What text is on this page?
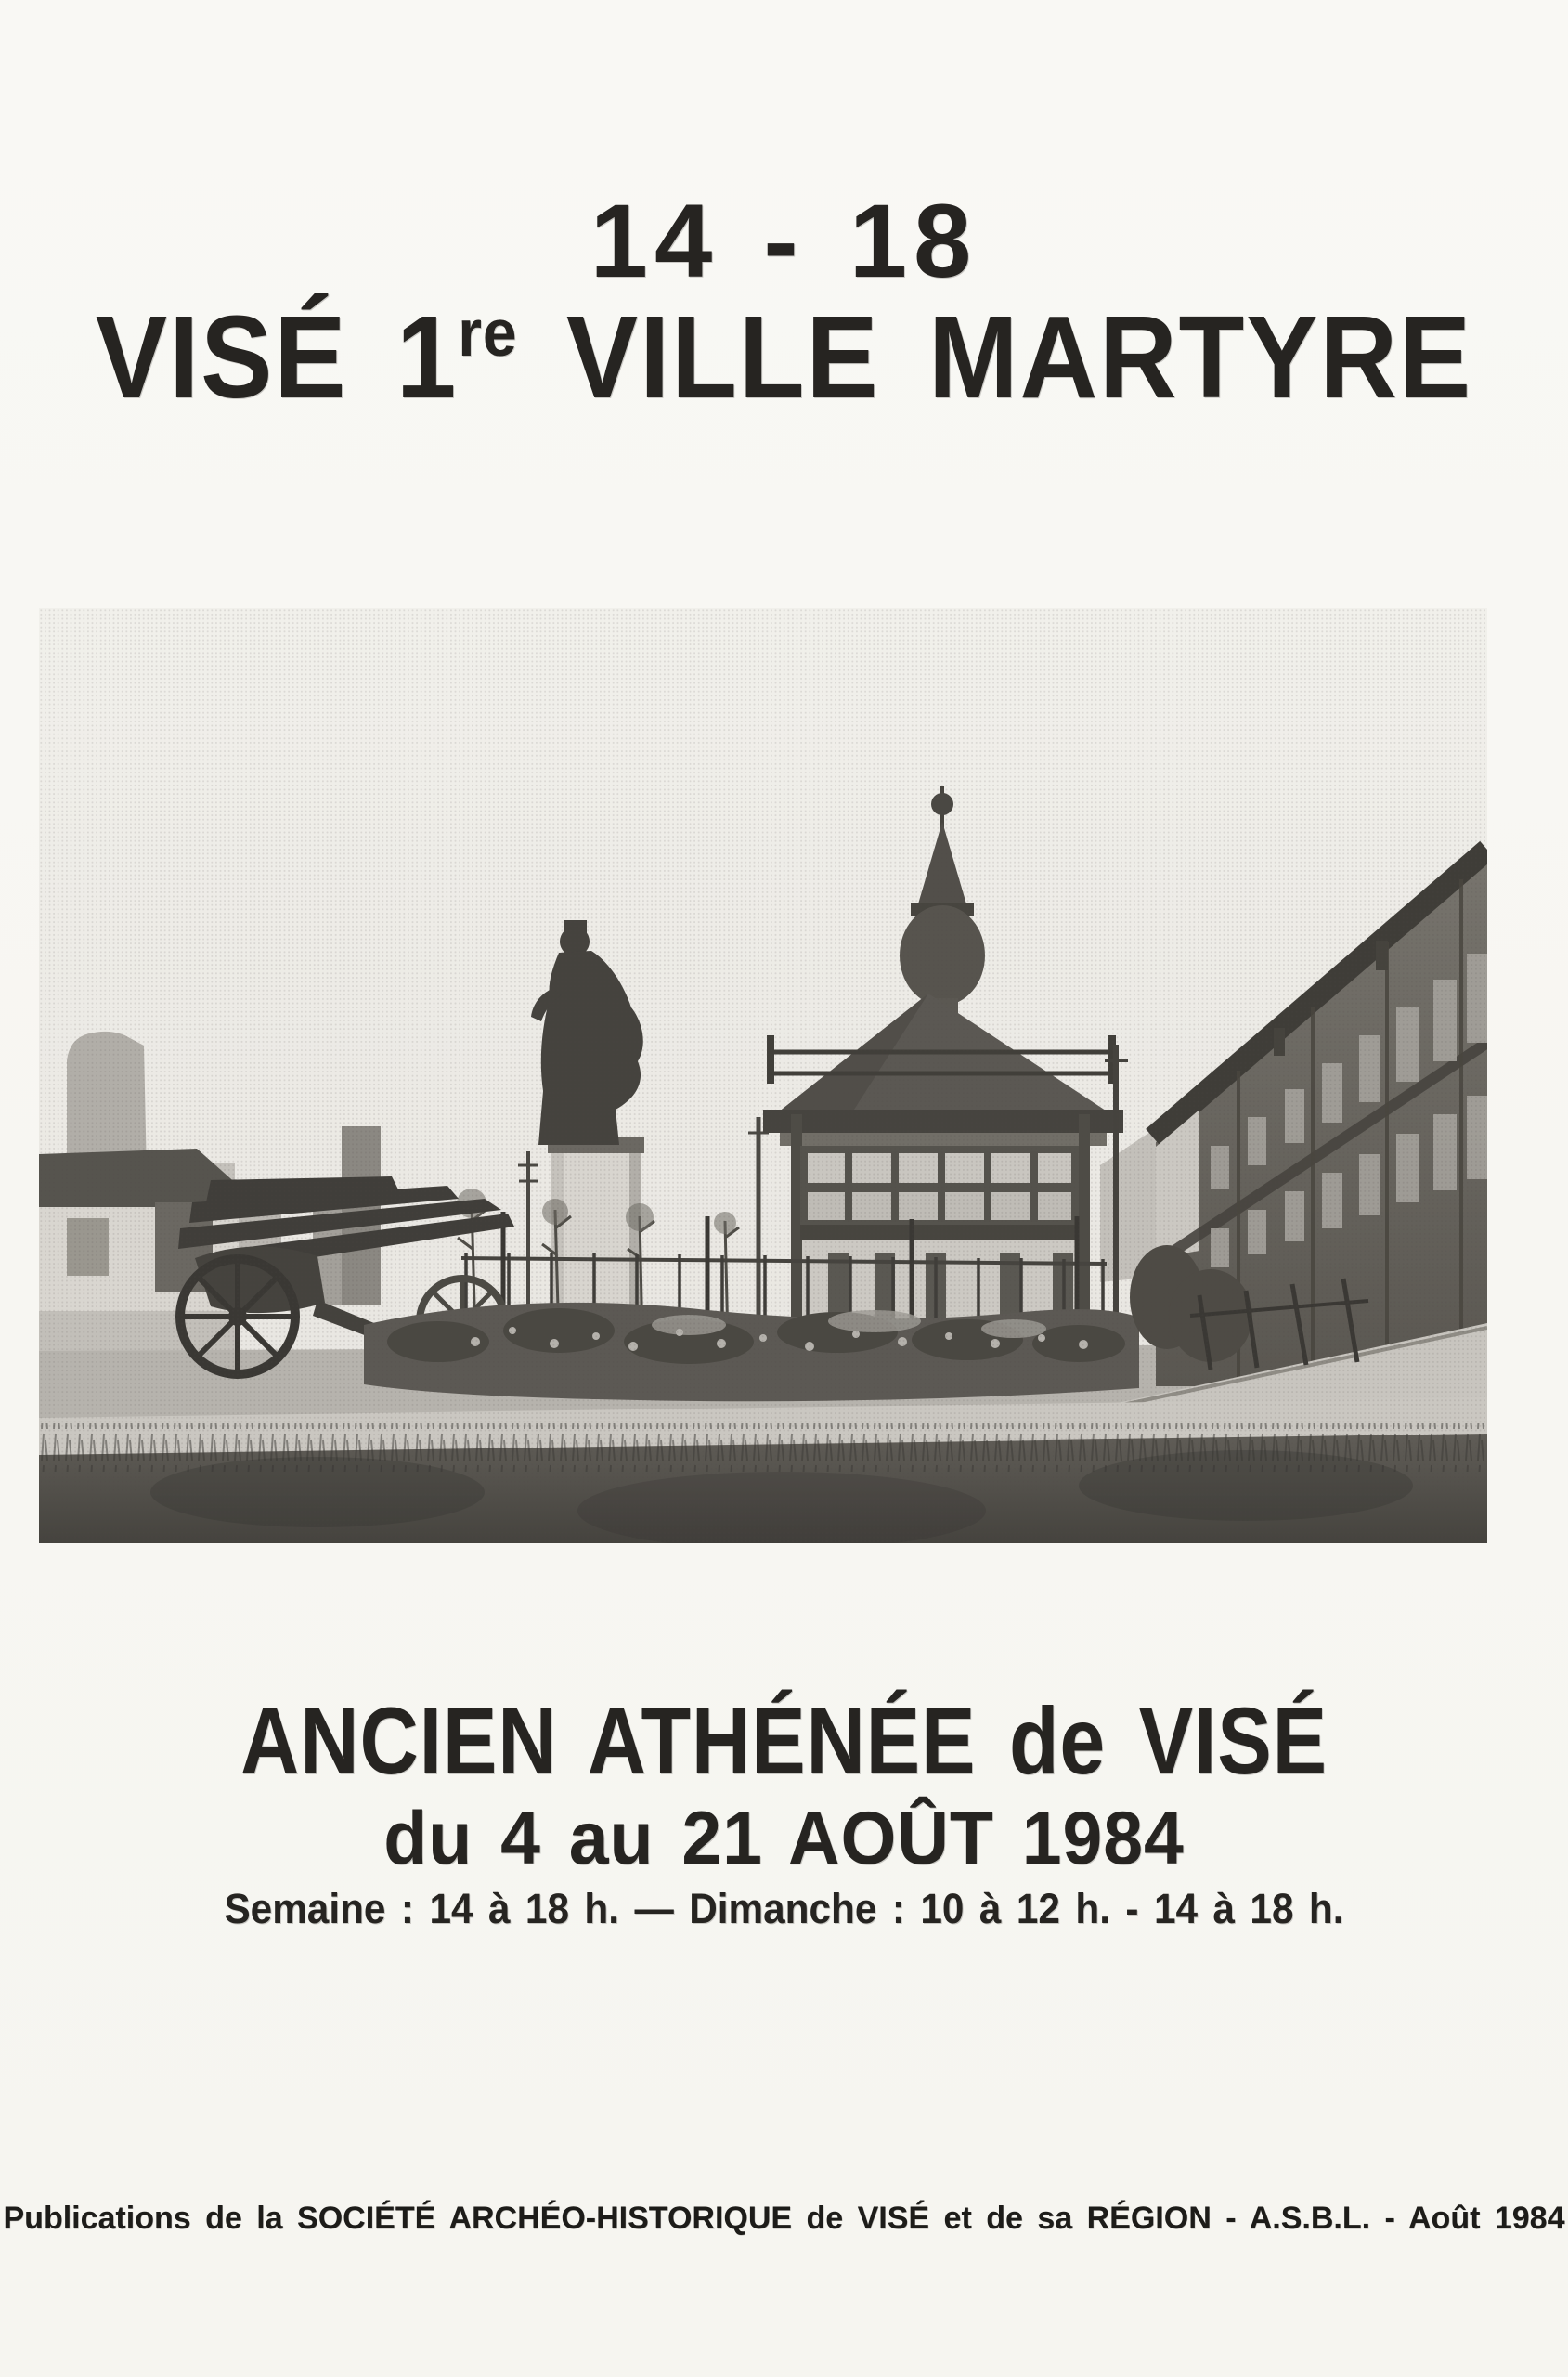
14 - 18
VISÉ 1re VILLE MARTYRE
ANCIEN ATHÉNÉE de VISÉ
du 4 au 21 AOÛT 1984

Semaine : 14 à 18 h. — Dimanche : 10 à 12 h. - 14 à 18 h.

Publications de la SOCIÉTÉ ARCHÉO-HISTORIQUE de VISÉ et de sa RÉGION - A.S.B.L. - Août 1984
